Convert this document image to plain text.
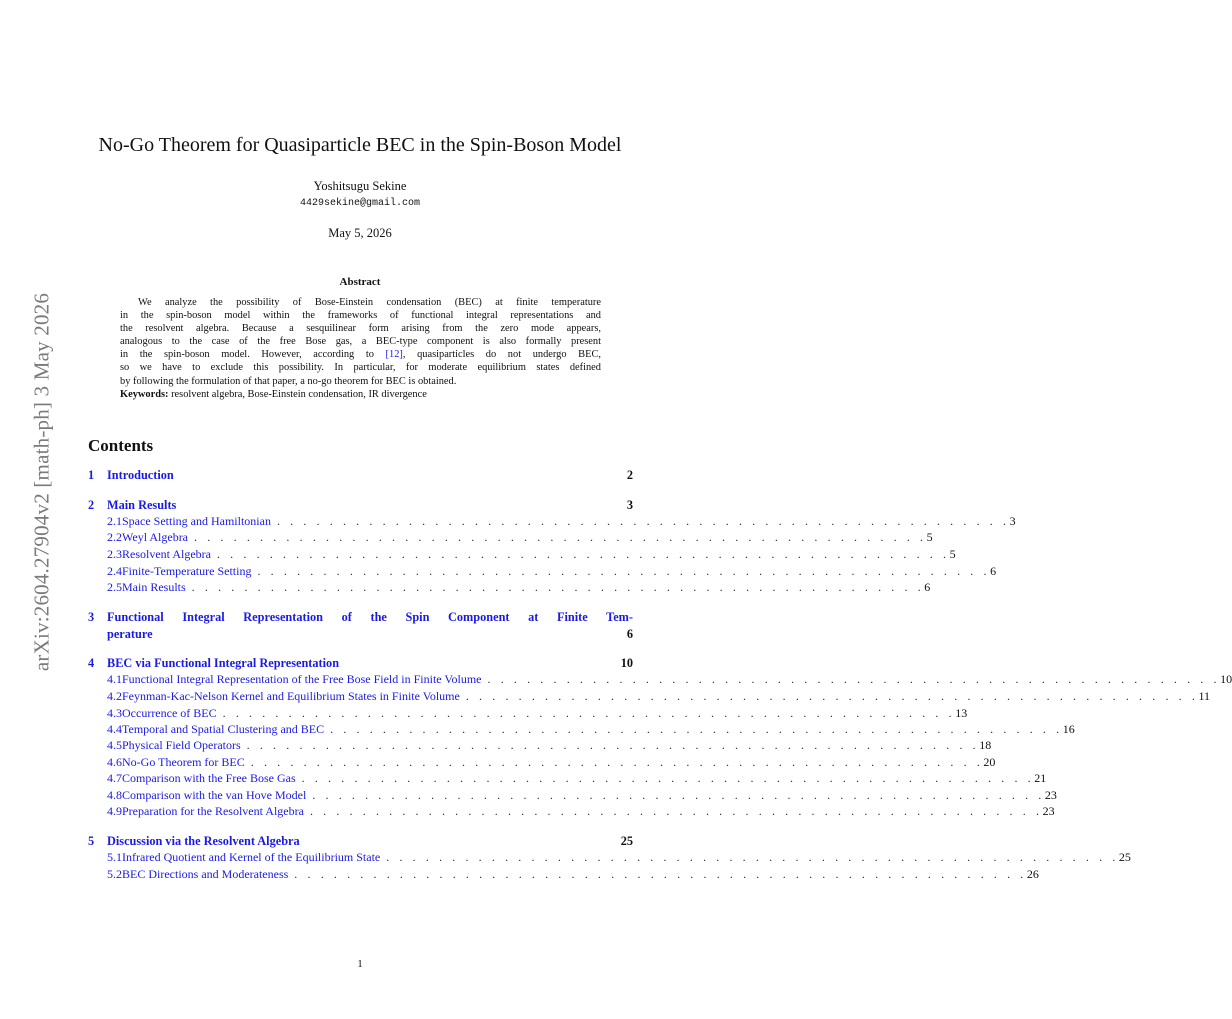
arXiv:2604.27904v2 [math-ph] 3 May 2026
No-Go Theorem for Quasiparticle BEC in the Spin-Boson Model
Yoshitsugu Sekine
4429sekine@gmail.com
May 5, 2026
Abstract
We analyze the possibility of Bose-Einstein condensation (BEC) at finite temperature
in the spin-boson model within the frameworks of functional integral representations and
the resolvent algebra. Because a sesquilinear form arising from the zero mode appears,
analogous to the case of the free Bose gas, a BEC-type component is also formally present
in the spin-boson model. However, according to [12], quasiparticles do not undergo BEC,
so we have to exclude this possibility. In particular, for moderate equilibrium states defined
by following the formulation of that paper, a no-go theorem for BEC is obtained.
Keywords: resolvent algebra, Bose-Einstein condensation, IR divergence
Contents
1	Introduction	2
2	Main Results	3
2.1 Space Setting and Hamiltonian . . . . . . . . . . . . . . . . . . . . . . . . . . . . . . . . . . . . . . . . . . . . . . . . . . . . . . . . 3
2.2 Weyl Algebra . . . . . . . . . . . . . . . . . . . . . . . . . . . . . . . . . . . . . . . . . . . . . . . . . . . . . . . . 5
2.3 Resolvent Algebra . . . . . . . . . . . . . . . . . . . . . . . . . . . . . . . . . . . . . . . . . . . . . . . . . . . . . . . . 5
2.4 Finite-Temperature Setting . . . . . . . . . . . . . . . . . . . . . . . . . . . . . . . . . . . . . . . . . . . . . . . . . . . . . . . . 6
2.5 Main Results . . . . . . . . . . . . . . . . . . . . . . . . . . . . . . . . . . . . . . . . . . . . . . . . . . . . . . . . 6
3	Functional Integral Representation of the Spin Component at Finite Tem-
perature	6
4	BEC via Functional Integral Representation	10
4.1 Functional Integral Representation of the Free Bose Field in Finite Volume . . . . . . . . . . . . . . . . . . . . . . . . . . . . . . . . . . . . . . . . . . . . . . . . . . . . . . . . 10
4.2 Feynman-Kac-Nelson Kernel and Equilibrium States in Finite Volume . . . . . . . . . . . . . . . . . . . . . . . . . . . . . . . . . . . . . . . . . . . . . . . . . . . . . . . . 11
4.3 Occurrence of BEC . . . . . . . . . . . . . . . . . . . . . . . . . . . . . . . . . . . . . . . . . . . . . . . . . . . . . . . . 13
4.4 Temporal and Spatial Clustering and BEC . . . . . . . . . . . . . . . . . . . . . . . . . . . . . . . . . . . . . . . . . . . . . . . . . . . . . . . . 16
4.5 Physical Field Operators . . . . . . . . . . . . . . . . . . . . . . . . . . . . . . . . . . . . . . . . . . . . . . . . . . . . . . . . 18
4.6 No-Go Theorem for BEC . . . . . . . . . . . . . . . . . . . . . . . . . . . . . . . . . . . . . . . . . . . . . . . . . . . . . . . . 20
4.7 Comparison with the Free Bose Gas . . . . . . . . . . . . . . . . . . . . . . . . . . . . . . . . . . . . . . . . . . . . . . . . . . . . . . . . 21
4.8 Comparison with the van Hove Model . . . . . . . . . . . . . . . . . . . . . . . . . . . . . . . . . . . . . . . . . . . . . . . . . . . . . . . . 23
4.9 Preparation for the Resolvent Algebra . . . . . . . . . . . . . . . . . . . . . . . . . . . . . . . . . . . . . . . . . . . . . . . . . . . . . . . . 23
5	Discussion via the Resolvent Algebra	25
5.1 Infrared Quotient and Kernel of the Equilibrium State . . . . . . . . . . . . . . . . . . . . . . . . . . . . . . . . . . . . . . . . . . . . . . . . . . . . . . . . 25
5.2 BEC Directions and Moderateness . . . . . . . . . . . . . . . . . . . . . . . . . . . . . . . . . . . . . . . . . . . . . . . . . . . . . . . . 26
1
